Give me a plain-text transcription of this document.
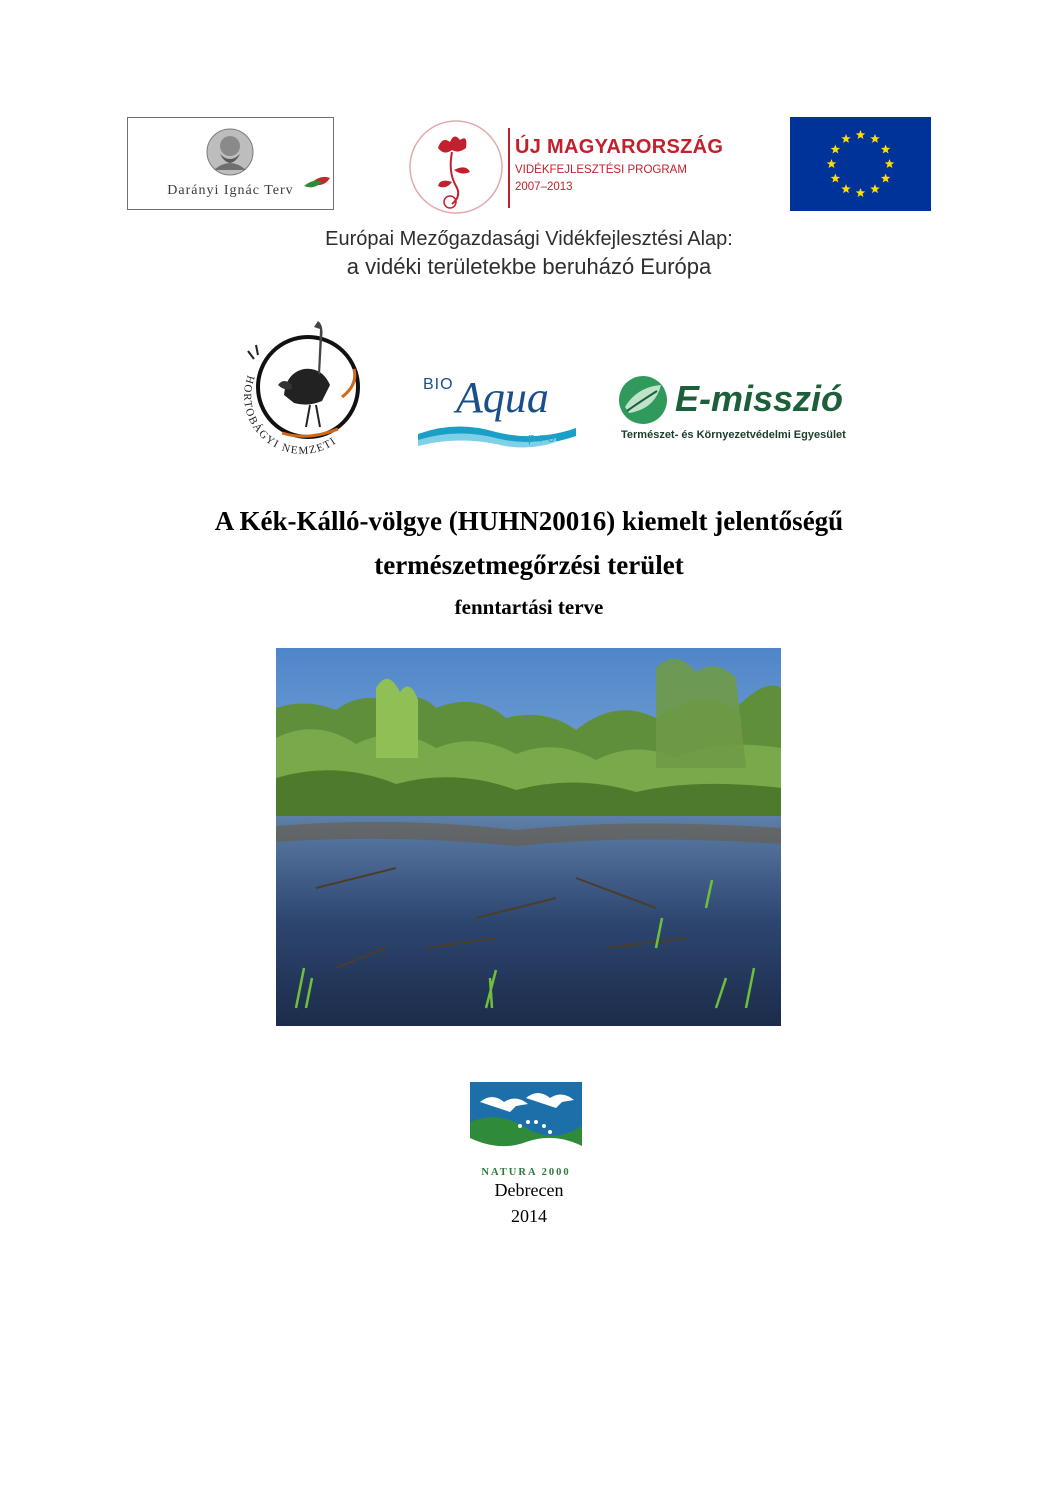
Darányi Ignác Terv
ÚJ MAGYARORSZÁG
VIDÉKFEJLESZTÉSI PROGRAM
2007–2013
Európai Mezőgazdasági Vidékfejlesztési Alap:
a vidéki területekbe beruházó Európa
HORTOBÁGYI NEMZETI
BIO Aqua
pro
E-misszió
Természet- és Környezetvédelmi Egyesület
A Kék-Kálló-völgye (HUHN20016) kiemelt jelentőségű
természetmegőrzési terület
fenntartási terve
NATURA 2000
Debrecen
2014
